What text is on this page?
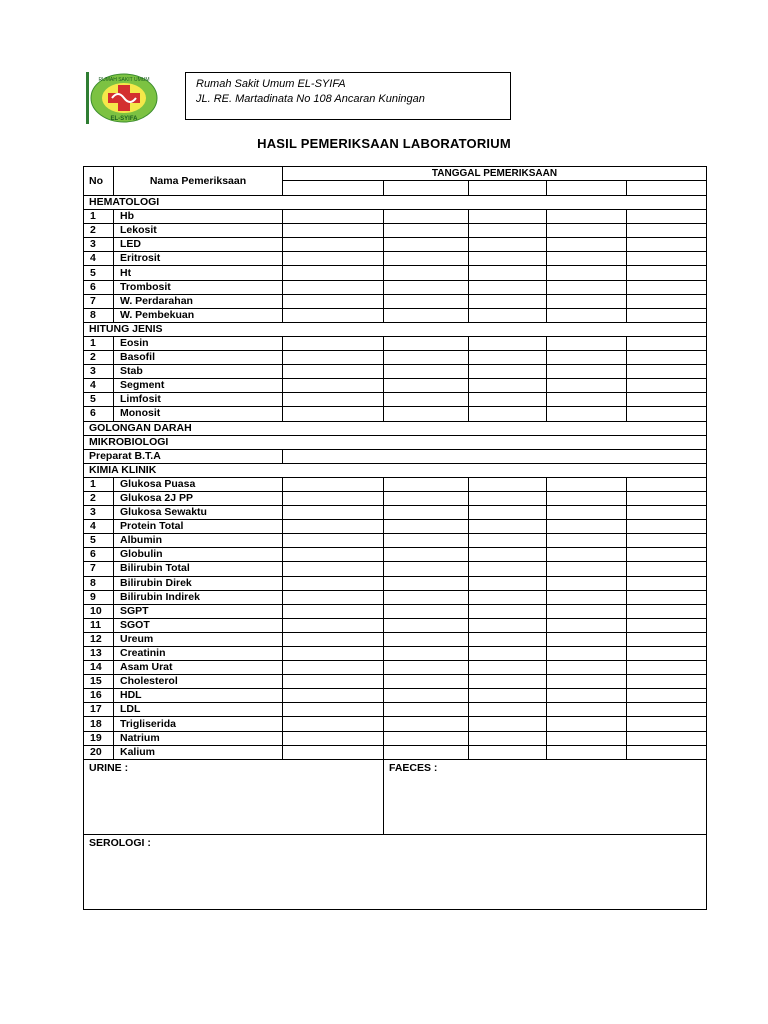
RUMAH SAKIT UMUM
EL-SYIFA
Rumah Sakit Umum EL-SYIFA
JL. RE. Martadinata No 108 Ancaran Kuningan
HASIL PEMERIKSAAN LABORATORIUM
No	Nama Pemeriksaan	TANGGAL PEMERIKSAAN				

HEMATOLOGI						
1	Hb					
2	Lekosit					
3	LED					
4	Eritrosit					
5	Ht					
6	Trombosit					
7	W. Perdarahan					
8	W. Pembekuan					
HITUNG JENIS						
1	Eosin					
2	Basofil					
3	Stab					
4	Segment					
5	Limfosit					
6	Monosit					
GOLONGAN DARAH						
MIKROBIOLOGI						
Preparat B.T.A						
KIMIA KLINIK						
1	Glukosa Puasa					
2	Glukosa 2J PP					
3	Glukosa Sewaktu					
4	Protein Total					
5	Albumin					
6	Globulin					
7	Bilirubin Total					
8	Bilirubin Direk					
9	Bilirubin Indirek					
10	SGPT					
11	SGOT					
12	Ureum					
13	Creatinin					
14	Asam Urat					
15	Cholesterol					
16	HDL					
17	LDL					
18	Trigliserida					
19	Natrium					
20	Kalium					
URINE :			FAECES :			
SEROLOGI :						
